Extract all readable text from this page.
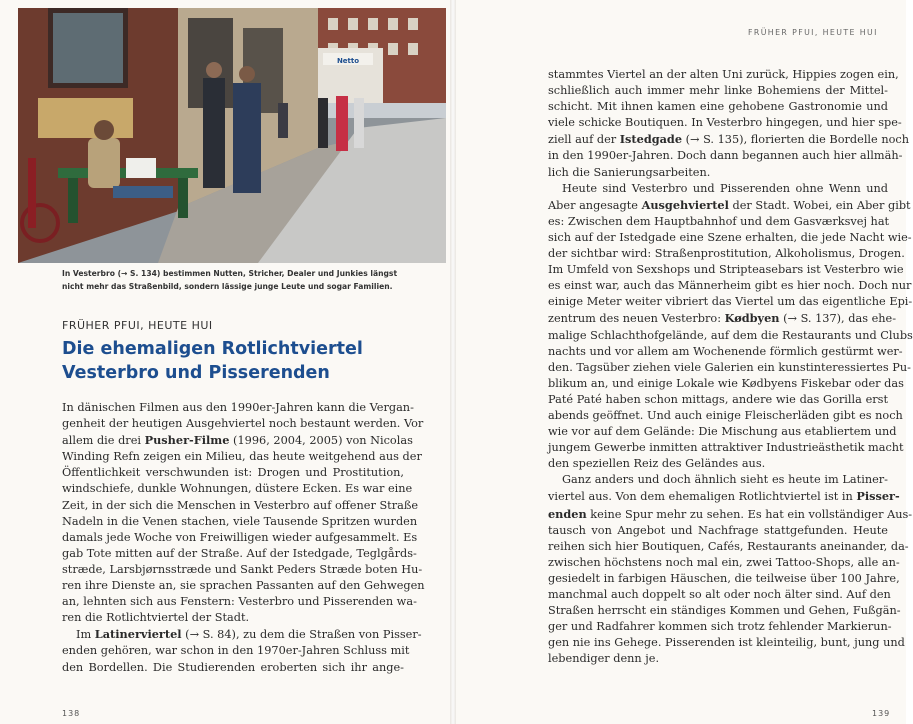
Netto
In Vesterbro (→ S. 134) bestimmen Nutten, Stricher, Dealer und Junkies längst
nicht mehr das Straßenbild, sondern lässige junge Leute und sogar Familien.
FRÜHER PFUI, HEUTE HUI
Die ehemaligen Rotlichtviertel
Vesterbro und Pisserenden
In dänischen Filmen aus den 1990er-Jahren kann die Vergan-
genheit der heutigen Ausgehviertel noch bestaunt werden. Vor
allem die drei Pusher-Filme (1996, 2004, 2005) von Nicolas
Winding Refn zeigen ein Milieu, das heute weitgehend aus der
Öffentlichkeit verschwunden ist: Drogen und Prostitution,
windschiefe, dunkle Wohnungen, düstere Ecken. Es war eine
Zeit, in der sich die Menschen in Vesterbro auf offener Straße
Nadeln in die Venen stachen, viele Tausende Spritzen wurden
damals jede Woche von Freiwilligen wieder aufgesammelt. Es
gab Tote mitten auf der Straße. Auf der Istedgade, Teglgårds-
stræde, Larsbjørnsstræde und Sankt Peders Stræde boten Hu-
ren ihre Dienste an, sie sprachen Passanten auf den Gehwegen
an, lehnten sich aus Fenstern: Vesterbro und Pisserenden wa-
ren die Rotlichtviertel der Stadt.
Im Latinerviertel (→ S. 84), zu dem die Straßen von Pisser-
enden gehören, war schon in den 1970er-Jahren Schluss mit
den Bordellen. Die Studierenden eroberten sich ihr ange-
138
FRÜHER PFUI, HEUTE HUI
stammtes Viertel an der alten Uni zurück, Hippies zogen ein,
schließlich auch immer mehr linke Bohemiens der Mittel-
schicht. Mit ihnen kamen eine gehobene Gastronomie und
viele schicke Boutiquen. In Vesterbro hingegen, und hier spe-
ziell auf der Istedgade (→ S. 135), florierten die Bordelle noch
in den 1990er-Jahren. Doch dann begannen auch hier allmäh-
lich die Sanierungsarbeiten.
Heute sind Vesterbro und Pisserenden ohne Wenn und
Aber angesagte Ausgehviertel der Stadt. Wobei, ein Aber gibt
es: Zwischen dem Hauptbahnhof und dem Gasværksvej hat
sich auf der Istedgade eine Szene erhalten, die jede Nacht wie-
der sichtbar wird: Straßenprostitution, Alkoholismus, Drogen.
Im Umfeld von Sexshops und Stripteasebars ist Vesterbro wie
es einst war, auch das Männerheim gibt es hier noch. Doch nur
einige Meter weiter vibriert das Viertel um das eigentliche Epi-
zentrum des neuen Vesterbro: Kødbyen (→ S. 137), das ehe-
malige Schlachthofgelände, auf dem die Restaurants und Clubs
nachts und vor allem am Wochenende förmlich gestürmt wer-
den. Tagsüber ziehen viele Galerien ein kunstinteressiertes Pu-
blikum an, und einige Lokale wie Kødbyens Fiskebar oder das
Paté Paté haben schon mittags, andere wie das Gorilla erst
abends geöffnet. Und auch einige Fleischerläden gibt es noch
wie vor auf dem Gelände: Die Mischung aus etabliertem und
jungem Gewerbe inmitten attraktiver Industrieästhetik macht
den speziellen Reiz des Geländes aus.
Ganz anders und doch ähnlich sieht es heute im Latiner-
viertel aus. Von dem ehemaligen Rotlichtviertel ist in Pisser-
enden keine Spur mehr zu sehen. Es hat ein vollständiger Aus-
tausch von Angebot und Nachfrage stattgefunden. Heute
reihen sich hier Boutiquen, Cafés, Restaurants aneinander, da-
zwischen höchstens noch mal ein, zwei Tattoo-Shops, alle an-
gesiedelt in farbigen Häuschen, die teilweise über 100 Jahre,
manchmal auch doppelt so alt oder noch älter sind. Auf den
Straßen herrscht ein ständiges Kommen und Gehen, Fußgän-
ger und Radfahrer kommen sich trotz fehlender Markierun-
gen nie ins Gehege. Pisserenden ist kleinteilig, bunt, jung und
lebendiger denn je.
139
